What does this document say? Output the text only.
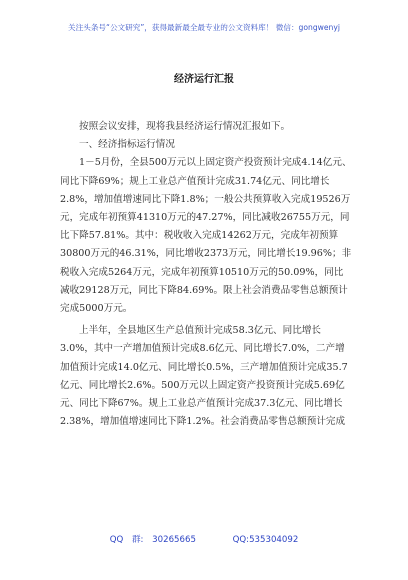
关注头条号“公文研究”，获得最新最全最专业的公文资料库！ 微信：gongwenyj
经济运行汇报

按照会议安排，现将我县经济运行情况汇报如下。

一、经济指标运行情况

1－5月份，全县500万元以上固定资产投资预计完成4.14亿元、同比下降69%；规上工业总产值预计完成31.74亿元、同比增长2.8%，增加值增速同比下降1.8%；一般公共预算收入完成19526万元，完成年初预算41310万元的47.27%，同比减收26755万元，同比下降57.81%。其中：税收收入完成14262万元，完成年初预算30800万元的46.31%，同比增收2373万元，同比增长19.96%；非税收入完成5264万元，完成年初预算10510万元的50.09%，同比减收29128万元，同比下降84.69%。限上社会消费品零售总额预计完成5000万元。

上半年，全县地区生产总值预计完成58.3亿元、同比增长3.0%，其中一产增加值预计完成8.6亿元、同比增长7.0%，二产增加值预计完成14.0亿元、同比增长0.5%，三产增加值预计完成35.7亿元、同比增长2.6%。500万元以上固定资产投资预计完成5.69亿元、同比下降67%。规上工业总产值预计完成37.3亿元、同比增长2.38%，增加值增速同比下降1.2%。社会消费品零售总额预计完成

QQ 群: 30265665	QQ:535304092
